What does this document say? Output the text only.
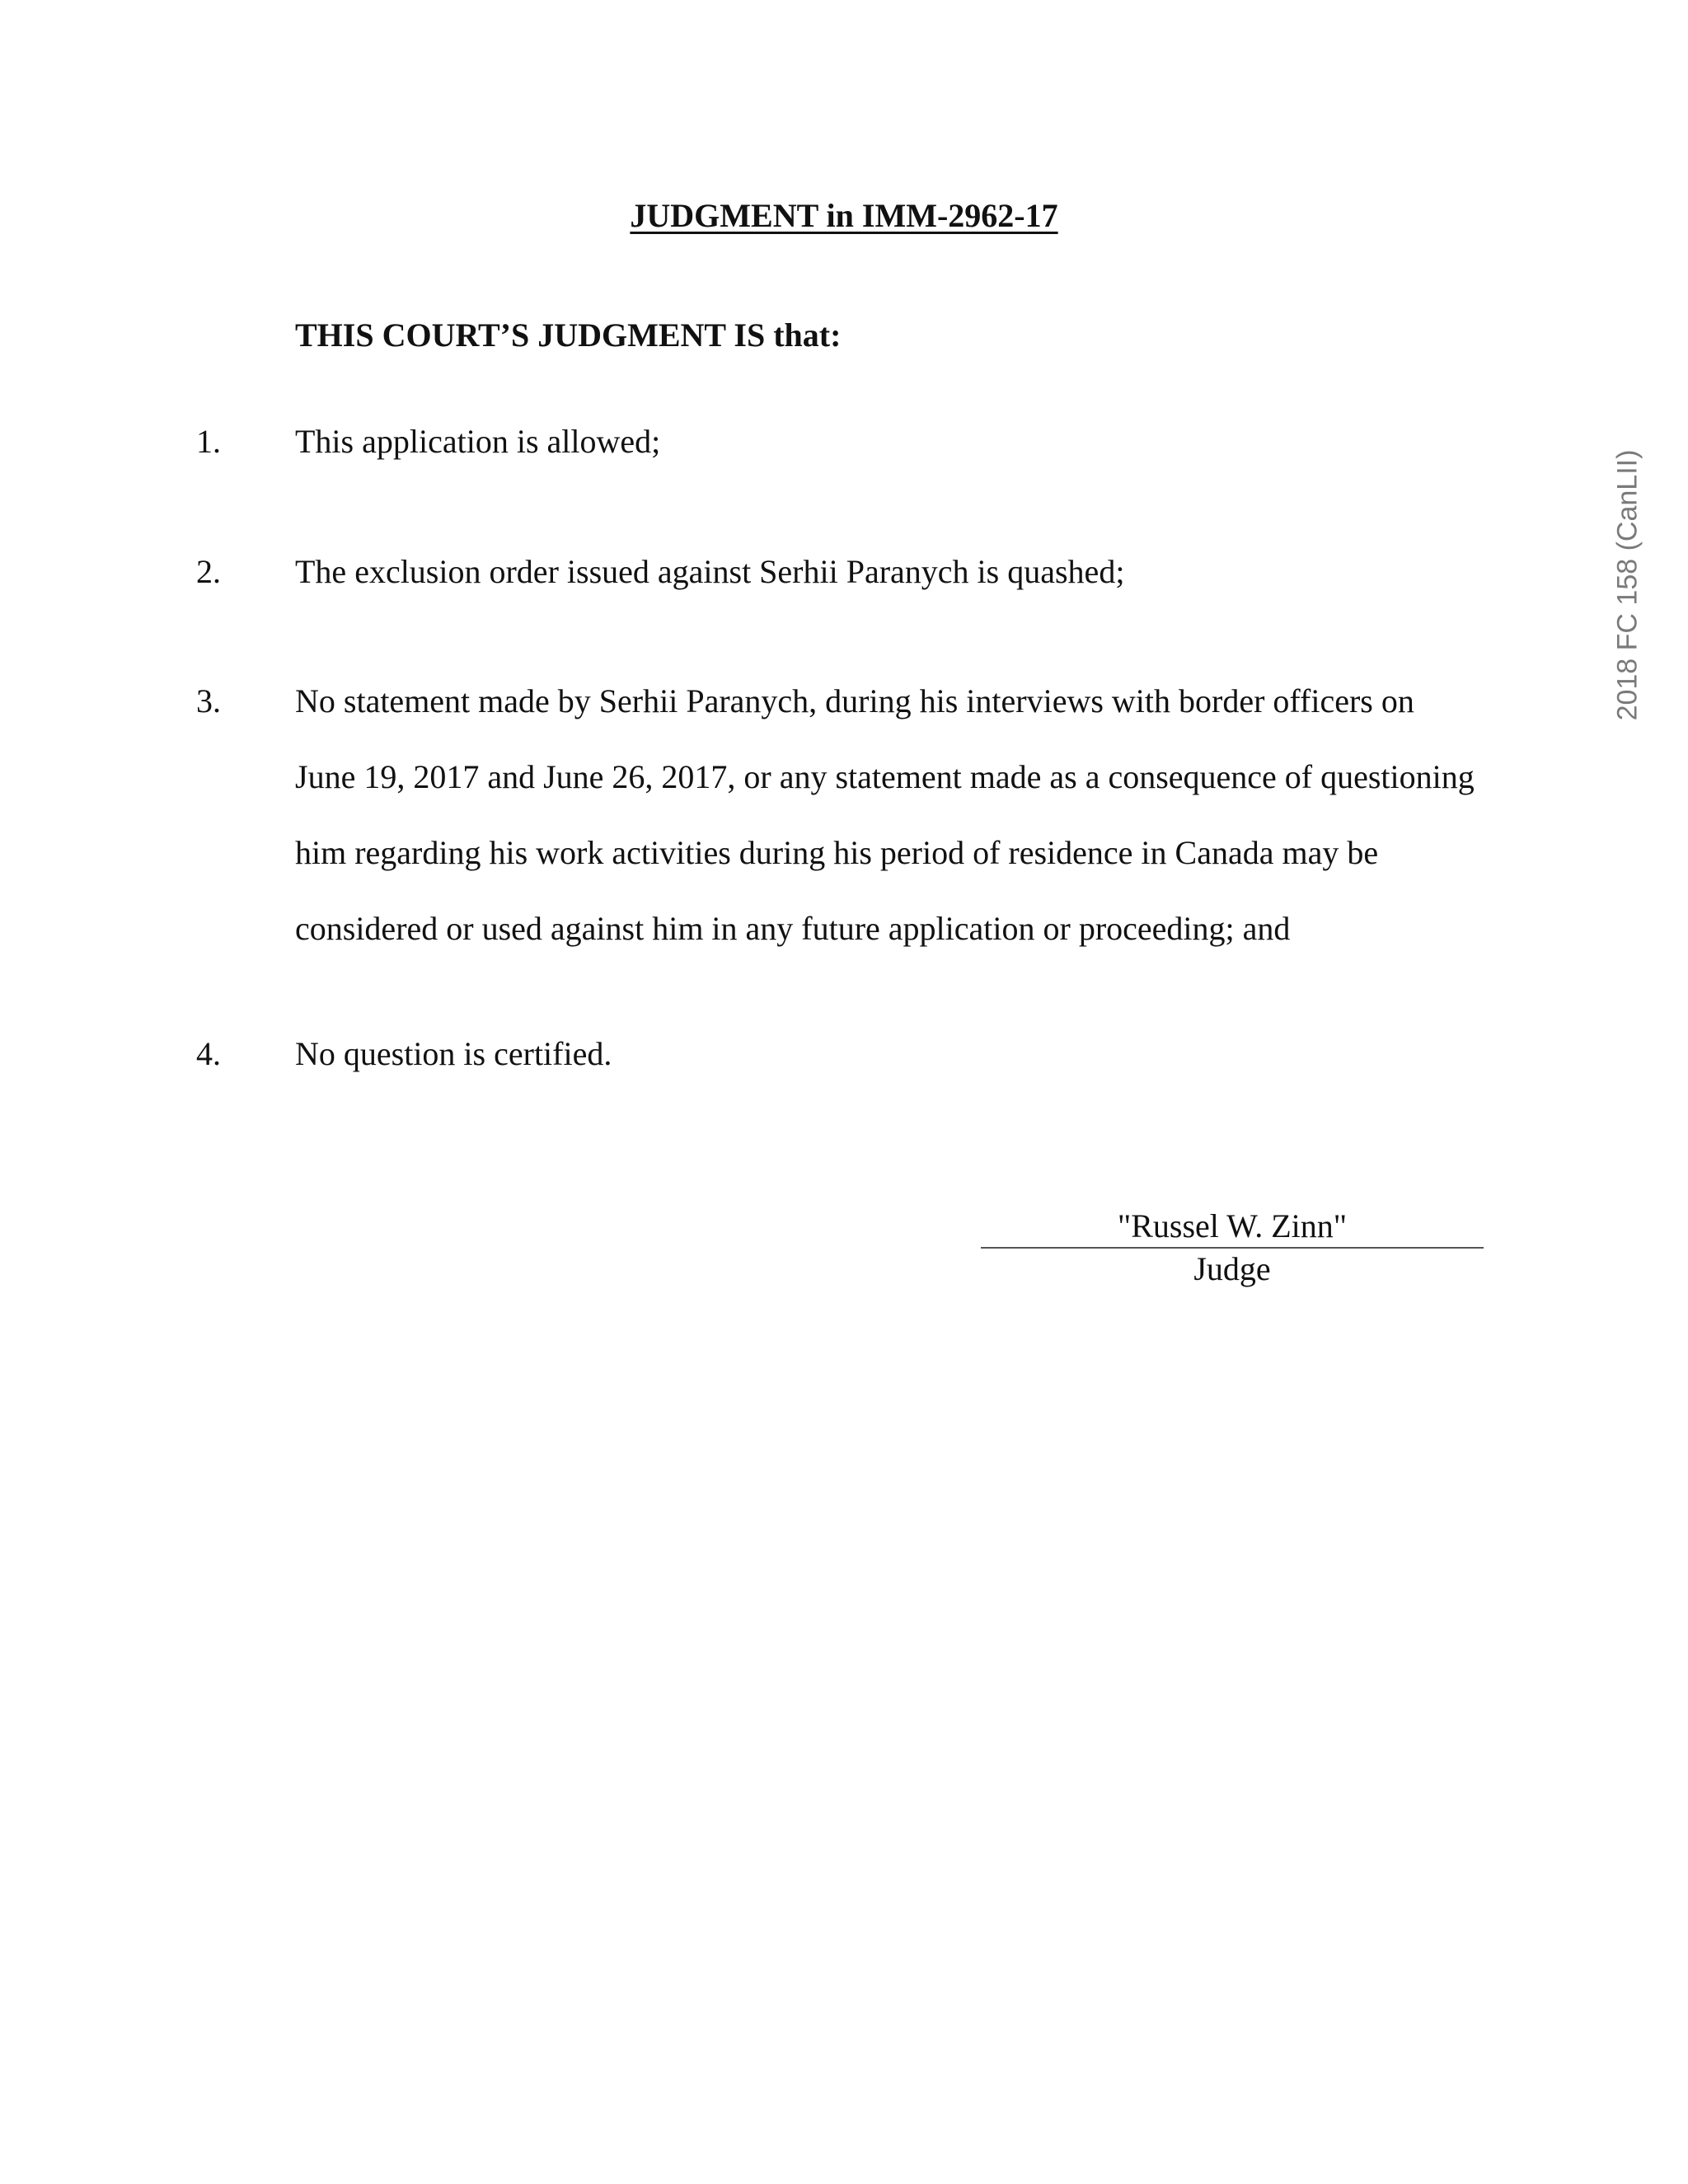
JUDGMENT in IMM-2962-17

THIS COURT’S JUDGMENT IS that:

1. This application is allowed;
2. The exclusion order issued against Serhii Paranych is quashed;
3. No statement made by Serhii Paranych, during his interviews with border officers on June 19, 2017 and June 26, 2017, or any statement made as a consequence of questioning him regarding his work activities during his period of residence in Canada may be considered or used against him in any future application or proceeding; and
4. No question is certified.
"Russel W. Zinn"
Judge
2018 FC 158 (CanLII)
